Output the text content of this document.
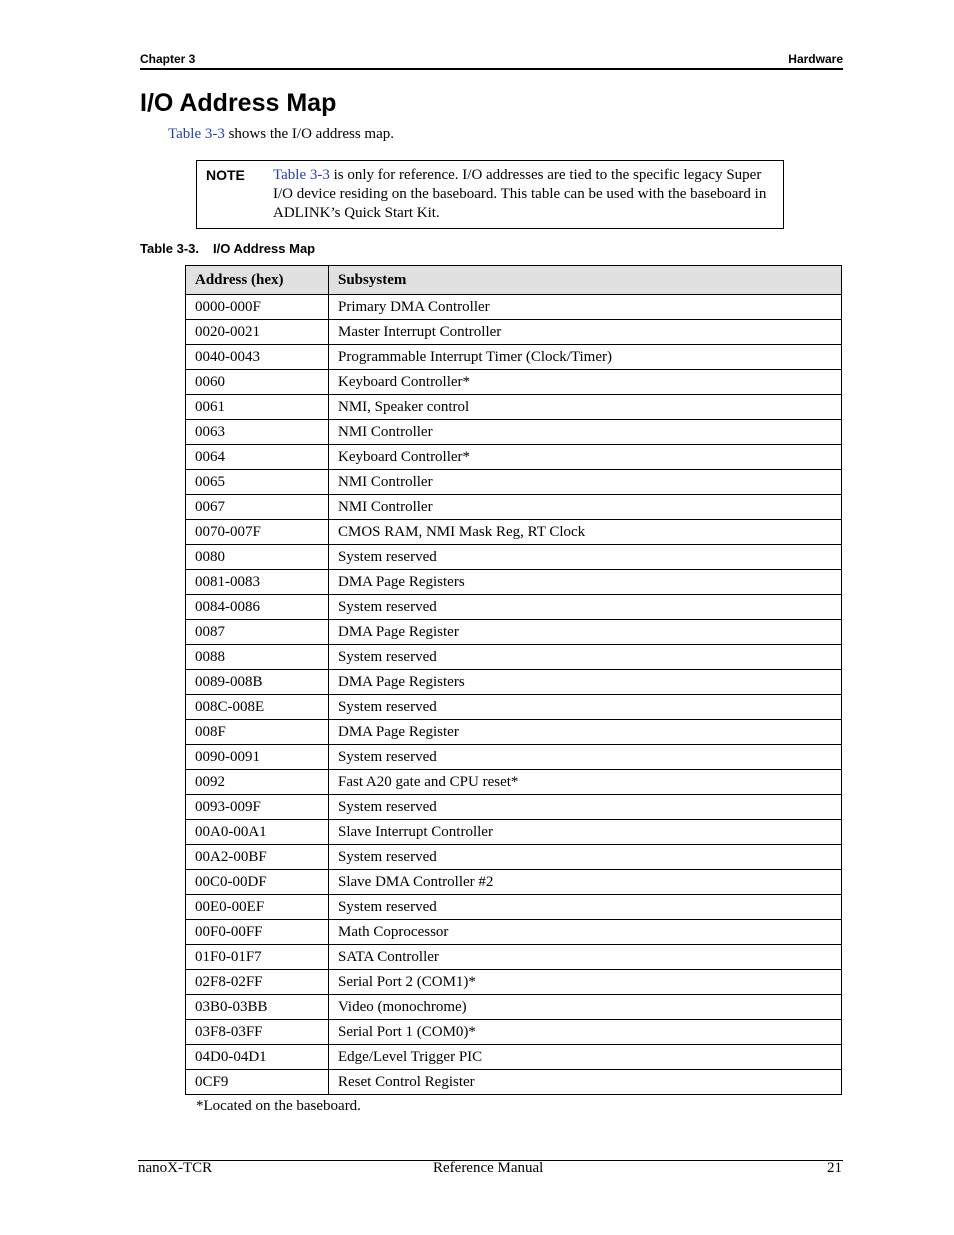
Chapter 3	Hardware
I/O Address Map
Table 3-3 shows the I/O address map.
NOTE Table 3-3 is only for reference. I/O addresses are tied to the specific legacy Super I/O device residing on the baseboard. This table can be used with the baseboard in ADLINK’s Quick Start Kit.
Table 3-3. I/O Address Map
Address (hex)	Subsystem
0000-000F	Primary DMA Controller
0020-0021	Master Interrupt Controller
0040-0043	Programmable Interrupt Timer (Clock/Timer)
0060	Keyboard Controller*
0061	NMI, Speaker control
0063	NMI Controller
0064	Keyboard Controller*
0065	NMI Controller
0067	NMI Controller
0070-007F	CMOS RAM, NMI Mask Reg, RT Clock
0080	System reserved
0081-0083	DMA Page Registers
0084-0086	System reserved
0087	DMA Page Register
0088	System reserved
0089-008B	DMA Page Registers
008C-008E	System reserved
008F	DMA Page Register
0090-0091	System reserved
0092	Fast A20 gate and CPU reset*
0093-009F	System reserved
00A0-00A1	Slave Interrupt Controller
00A2-00BF	System reserved
00C0-00DF	Slave DMA Controller #2
00E0-00EF	System reserved
00F0-00FF	Math Coprocessor
01F0-01F7	SATA Controller
02F8-02FF	Serial Port 2 (COM1)*
03B0-03BB	Video (monochrome)
03F8-03FF	Serial Port 1 (COM0)*
04D0-04D1	Edge/Level Trigger PIC
0CF9	Reset Control Register
*Located on the baseboard.
nanoX-TCR	Reference Manual	21
